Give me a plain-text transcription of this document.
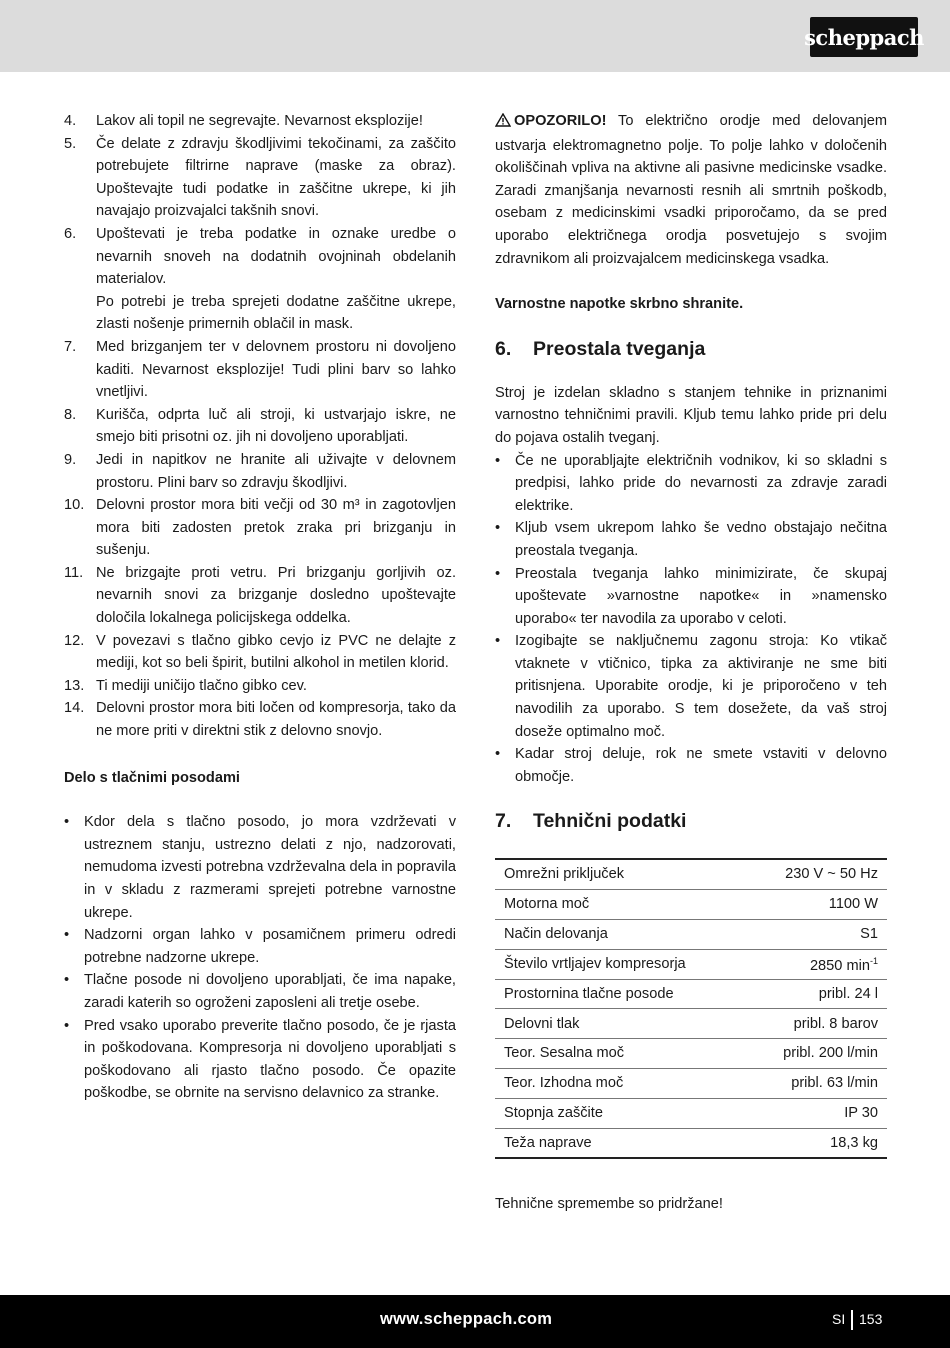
scheppach
4. Lakov ali topil ne segrevajte. Nevarnost eksplozije!

5. Če delate z zdravju škodljivimi tekočinami, za zaščito potrebujete filtrirne naprave (maske za obraz). Upoštevajte tudi podatke in zaščitne ukrepe, ki jih navajajo proizvajalci takšnih snovi.

6. Upoštevati je treba podatke in oznake uredbe o nevarnih snoveh na dodatnih ovojninah obdelanih materialov.

Po potrebi je treba sprejeti dodatne zaščitne ukrepe, zlasti nošenje primernih oblačil in mask.

7. Med brizganjem ter v delovnem prostoru ni dovoljeno kaditi. Nevarnost eksplozije! Tudi plini barv so lahko vnetljivi.

8. Kurišča, odprta luč ali stroji, ki ustvarjajo iskre, ne smejo biti prisotni oz. jih ni dovoljeno uporabljati.

9. Jedi in napitkov ne hranite ali uživajte v delovnem prostoru. Plini barv so zdravju škodljivi.

10. Delovni prostor mora biti večji od 30 m³ in zagotovljen mora biti zadosten pretok zraka pri brizganju in sušenju.

11. Ne brizgajte proti vetru. Pri brizganju gorljivih oz. nevarnih snovi za brizganje dosledno upoštevajte določila lokalnega policijskega oddelka.

12. V povezavi s tlačno gibko cevjo iz PVC ne delajte z mediji, kot so beli špirit, butilni alkohol in metilen klorid.

13. Ti mediji uničijo tlačno gibko cev.

14. Delovni prostor mora biti ločen od kompresorja, tako da ne more priti v direktni stik z delovno snovjo.

Delo s tlačnimi posodami
• Kdor dela s tlačno posodo, jo mora vzdrževati v ustreznem stanju, ustrezno delati z njo, nadzorovati, nemudoma izvesti potrebna vzdrževalna dela in popravila in v skladu z razmerami sprejeti potrebne varnostne ukrepe.
• Nadzorni organ lahko v posamičnem primeru odredi potrebne nadzorne ukrepe.
• Tlačne posode ni dovoljeno uporabljati, če ima napake, zaradi katerih so ogroženi zaposleni ali tretje osebe.
• Pred vsako uporabo preverite tlačno posodo, če je rjasta in poškodovana. Kompresorja ni dovoljeno uporabljati s poškodovano ali rjasto tlačno posodo. Če opazite poškodbe, se obrnite na servisno delavnico za stranke.

OPOZORILO! To električno orodje med delovanjem ustvarja elektromagnetno polje. To polje lahko v določenih okoliščinah vpliva na aktivne ali pasivne medicinske vsadke. Zaradi zmanjšanja nevarnosti resnih ali smrtnih poškodb, osebam z medicinskimi vsadki priporočamo, da se pred uporabo električnega orodja posvetujejo s svojim zdravnikom ali proizvajalcem medicinskega vsadka.

Varnostne napotke skrbno shranite.

6.	Preostala tveganja

Stroj je izdelan skladno s stanjem tehnike in priznanimi varnostno tehničnimi pravili. Kljub temu lahko pride pri delu do pojava ostalih tveganj.

• Če ne uporabljajte električnih vodnikov, ki so skladni s predpisi, lahko pride do nevarnosti za zdravje zaradi elektrike.
• Kljub vsem ukrepom lahko še vedno obstajajo nečitna preostala tveganja.
• Preostala tveganja lahko minimizirate, če skupaj upoštevate »varnostne napotke« in »namensko uporabo« ter navodila za uporabo v celoti.
• Izogibajte se naključnemu zagonu stroja: Ko vtikač vtaknete v vtičnico, tipka za aktiviranje ne sme biti pritisnjena. Uporabite orodje, ki je priporočeno v teh navodilih za uporabo. S tem dosežete, da vaš stroj doseže optimalno moč.
• Kadar stroj deluje, rok ne smete vstaviti v delovno območje.
7.	Tehnični podatki
Omrežni priključek	230 V ~ 50 Hz
Motorna moč	1100 W
Način delovanja	S1
Število vrtljajev kompresorja	2850 $\min^{-1}$
Prostornina tlačne posode	pribl. 24 l
Delovni tlak	pribl. 8 barov
Teor. Sesalna moč	pribl. 200 l/min
Teor. Izhodna moč	pribl. 63 l/min
Stopnja zaščite	IP 30
Teža naprave	18,3 kg

Tehnične spremembe so pridržane!

www.scheppach.com	SI 153
